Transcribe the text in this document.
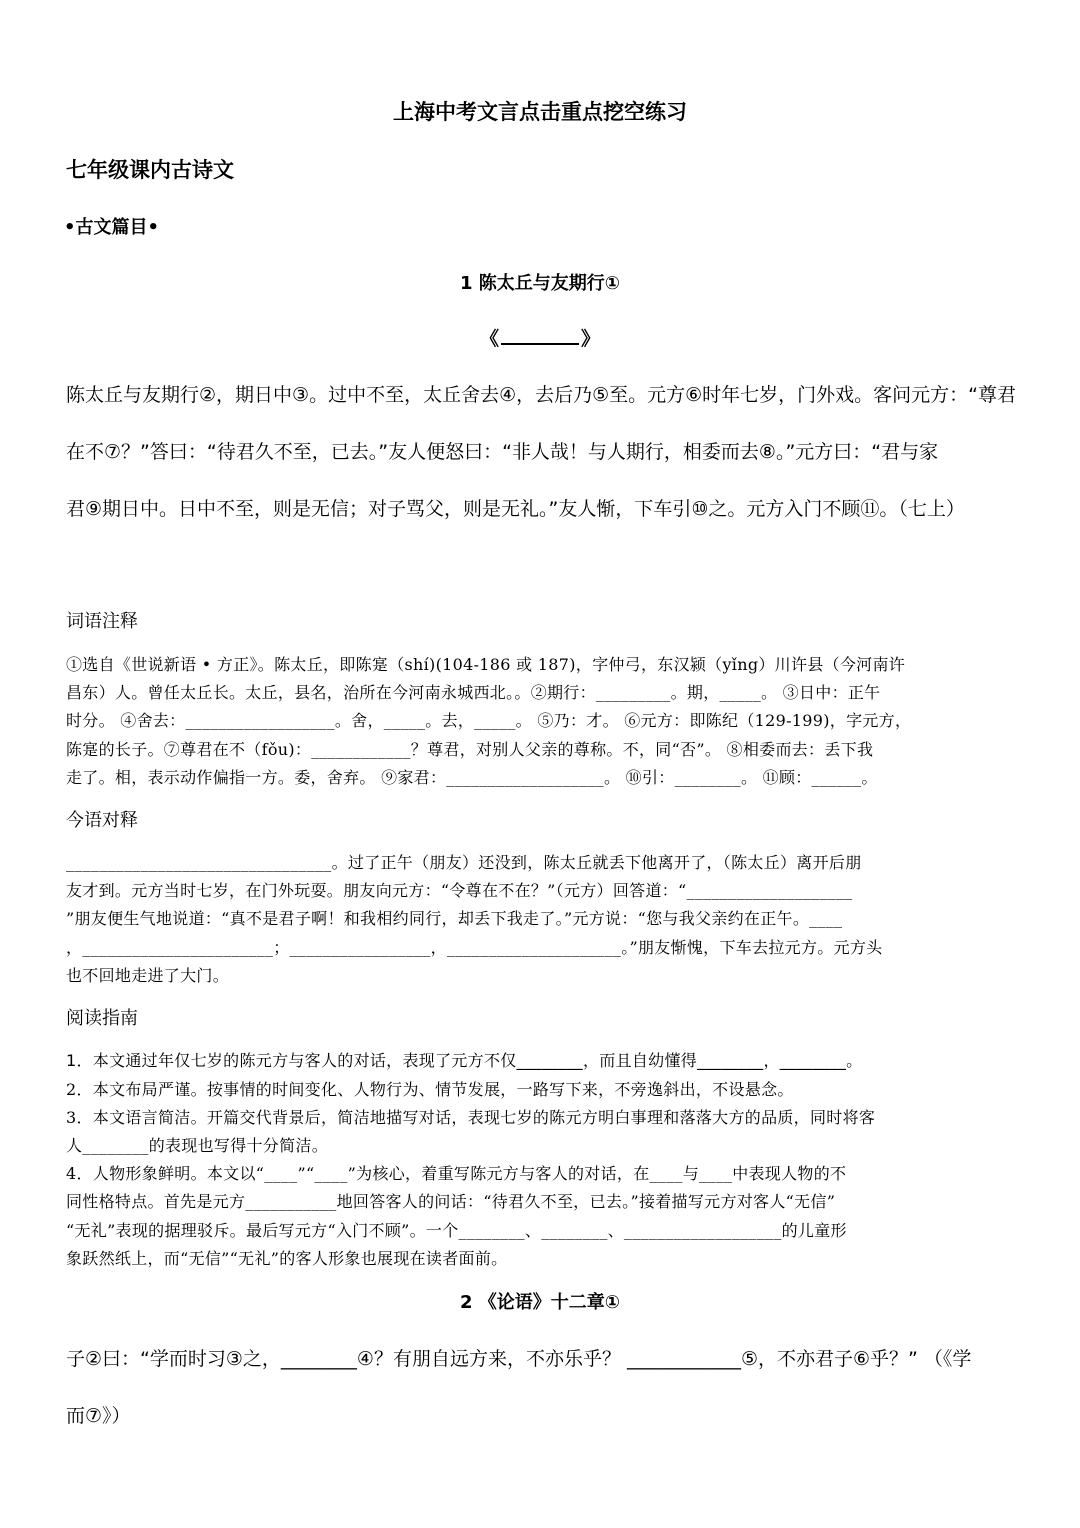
上海中考文言点击重点挖空练习
七年级课内古诗文
•古文篇目•
1 陈太丘与友期行①
《	》
陈太丘与友期行②，期日中③。过中不至，太丘舍去④，去后乃⑤至。元方⑥时年七岁，门外戏。客问元方：“尊君
在不⑦？”答曰：“待君久不至，已去。”友人便怒曰：“非人哉！与人期行，相委而去⑧。”元方曰：“君与家
君⑨期日中。日中不至，则是无信；对子骂父，则是无礼。”友人惭，下车引⑩之。元方入门不顾⑪。（七上）
词语注释
①选自《世说新语 • 方正》。陈太丘，即陈寔（shí)(104-186 或 187)，字仲弓，东汉颍（yǐng）川许县（今河南许
昌东）人。曾任太丘长。太丘，县名，治所在今河南永城西北。。②期行：_________。期，_____。 ③日中：正午
时分。 ④舍去：__________________。舍，_____。去，_____。 ⑤乃：才。 ⑥元方：即陈纪（129-199)，字元方，
陈寔的长子。⑦尊君在不（fǒu)：____________？尊君，对别人父亲的尊称。不，同“否”。 ⑧相委而去：丢下我
走了。相，表示动作偏指一方。委，舍弃。 ⑨家君：___________________。 ⑩引：________。 ⑪顾：______。
今语对释
________________________________。过了正午（朋友）还没到，陈太丘就丢下他离开了，（陈太丘）离开后朋
友才到。元方当时七岁，在门外玩耍。朋友向元方：“令尊在不在？”（元方）回答道：“____________________
”朋友便生气地说道：“真不是君子啊！和我相约同行，却丢下我走了。”元方说：“您与我父亲约在正午。____
，_______________________；_________________，_____________________。”朋友惭愧，下车去拉元方。元方头
也不回地走进了大门。
阅读指南
1．本文通过年仅七岁的陈元方与客人的对话，表现了元方不仅________，而且自幼懂得________，________。
2．本文布局严谨。按事情的时间变化、人物行为、情节发展，一路写下来，不旁逸斜出，不设悬念。
3．本文语言简洁。开篇交代背景后，简洁地描写对话，表现七岁的陈元方明白事理和落落大方的品质，同时将客
人________的表现也写得十分简洁。
4．人物形象鲜明。本文以“____”“____”为核心，着重写陈元方与客人的对话，在____与____中表现人物的不
同性格特点。首先是元方___________地回答客人的问话：“待君久不至，已去。”接着描写元方对客人“无信”
“无礼”表现的据理驳斥。最后写元方“入门不顾”。一个________、________、___________________的儿童形
象跃然纸上，而“无信”“无礼”的客人形象也展现在读者面前。
2 《论语》十二章①
子②曰：“学而时习③之，________④？有朋自远方来，不亦乐乎？ ____________⑤，不亦君子⑥乎？” （《学
而⑦》）
